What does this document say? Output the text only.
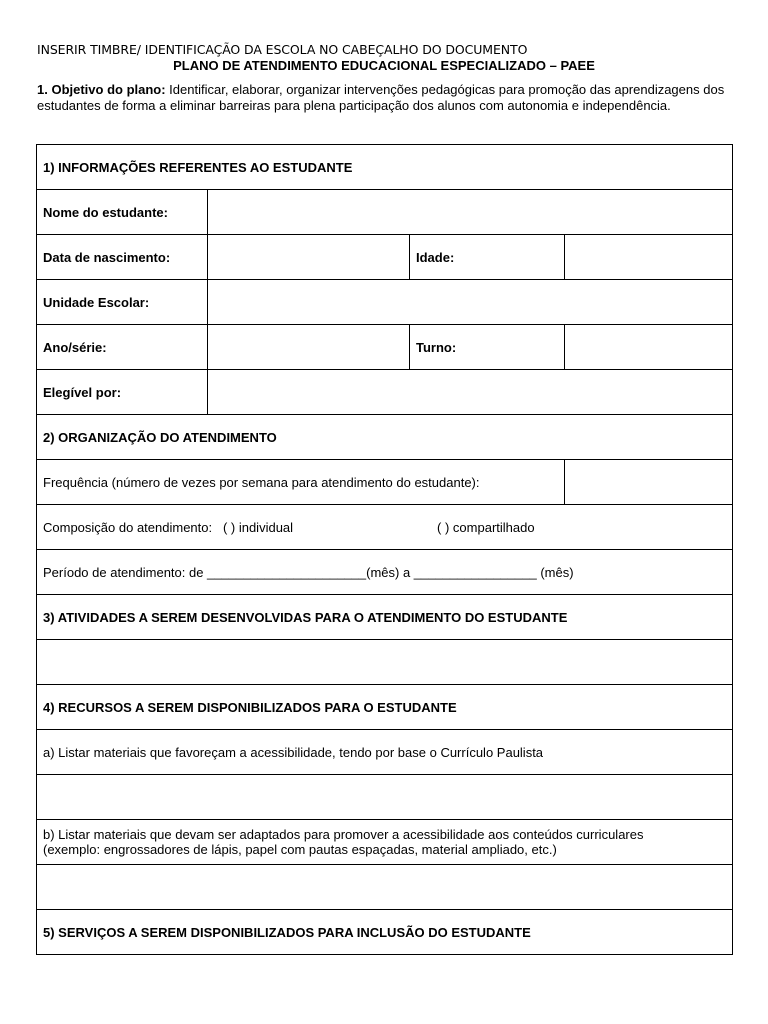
INSERIR TIMBRE/ IDENTIFICAÇÃO DA ESCOLA NO CABEÇALHO DO DOCUMENTO
PLANO DE ATENDIMENTO EDUCACIONAL ESPECIALIZADO – PAEE
1. Objetivo do plano: Identificar, elaborar, organizar intervenções pedagógicas para promoção das aprendizagens dos estudantes de forma a eliminar barreiras para plena participação dos alunos com autonomia e independência.
1) INFORMAÇÕES REFERENTES AO ESTUDANTE			
Nome do estudante:			
Data de nascimento:		Idade:	
Unidade Escolar:			
Ano/série:		Turno:	
Elegível por:			
2) ORGANIZAÇÃO DO ATENDIMENTO			
Frequência (número de vezes por semana para atendimento do estudante):			
Composição do atendimento: ( ) individual ( ) compartilhado			
Período de atendimento: de ______________________(mês) a _________________ (mês)			
3) ATIVIDADES A SEREM DESENVOLVIDAS PARA O ATENDIMENTO DO ESTUDANTE			

4) RECURSOS A SEREM DISPONIBILIZADOS PARA O ESTUDANTE			
a) Listar materiais que favoreçam a acessibilidade, tendo por base o Currículo Paulista			

b) Listar materiais que devam ser adaptados para promover a acessibilidade aos conteúdos curriculares
(exemplo: engrossadores de lápis, papel com pautas espaçadas, material ampliado, etc.)			

5) SERVIÇOS A SEREM DISPONIBILIZADOS PARA INCLUSÃO DO ESTUDANTE			
